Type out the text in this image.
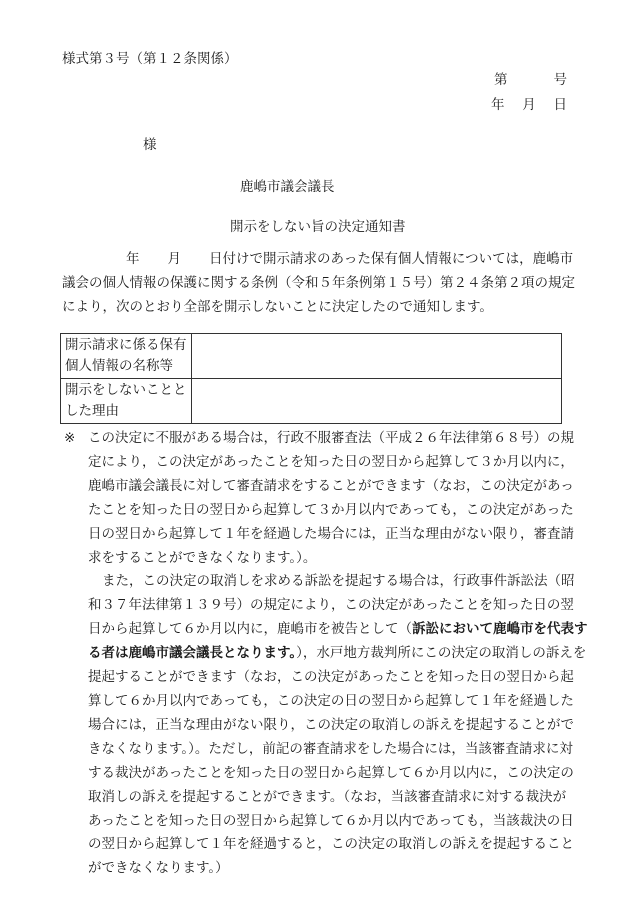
様式第３号（第１２条関係）
第	号
年 月 日
様
鹿嶋市議会議長
開示をしない旨の決定通知書
年 月 日付けで開示請求のあった保有個人情報については，鹿嶋市
議会の個人情報の保護に関する条例（令和５年条例第１５号）第２４条第２項の規定
により，次のとおり全部を開示しないことに決定したので通知します。
開示請求に係る保有
個人情報の名称等	
開示をしないことと
した理由	
※ この決定に不服がある場合は，行政不服審査法（平成２６年法律第６８号）の規
定により，この決定があったことを知った日の翌日から起算して３か月以内に，
鹿嶋市議会議長に対して審査請求をすることができます（なお，この決定があっ
たことを知った日の翌日から起算して３か月以内であっても，この決定があった
日の翌日から起算して１年を経過した場合には，正当な理由がない限り，審査請
求をすることができなくなります。）。
また，この決定の取消しを求める訴訟を提起する場合は，行政事件訴訟法（昭
和３７年法律第１３９号）の規定により，この決定があったことを知った日の翌
日から起算して６か月以内に，鹿嶋市を被告として（訴訟において鹿嶋市を代表す
る者は鹿嶋市議会議長となります。），水戸地方裁判所にこの決定の取消しの訴えを
提起することができます（なお，この決定があったことを知った日の翌日から起
算して６か月以内であっても，この決定の日の翌日から起算して１年を経過した
場合には，正当な理由がない限り，この決定の取消しの訴えを提起することがで
きなくなります。）。ただし，前記の審査請求をした場合には，当該審査請求に対
する裁決があったことを知った日の翌日から起算して６か月以内に，この決定の
取消しの訴えを提起することができます。（なお，当該審査請求に対する裁決が
あったことを知った日の翌日から起算して６か月以内であっても，当該裁決の日
の翌日から起算して１年を経過すると，この決定の取消しの訴えを提起すること
ができなくなります。）
